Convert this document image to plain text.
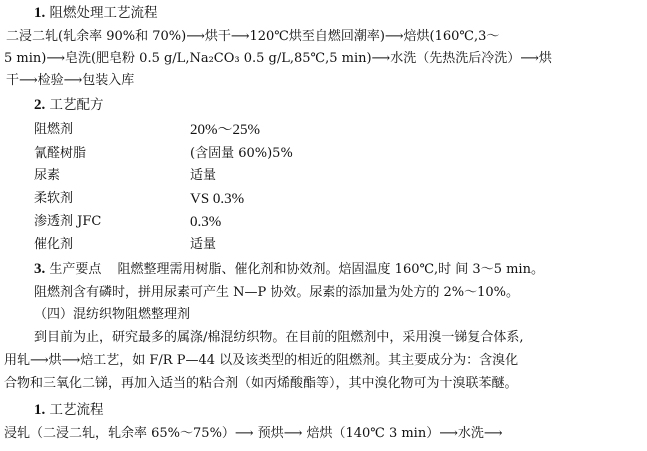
1. 阻燃处理工艺流程
二浸二轧(轧余率 90%和 70%)⟶烘干⟶120℃烘至自燃回潮率)⟶焙烘(160℃,3～
5 min)⟶皂洗(肥皂粉 0.5 g/L,Na₂CO₃ 0.5 g/L,85℃,5 min)⟶水洗（先热洗后冷洗）⟶烘
干⟶检验⟶包装入库
2. 工艺配方
阻燃剂	20%～25%
氰醛树脂	(含固量 60%)5%
尿素	适量
柔软剂	VS 0.3%
渗透剂 JFC	0.3%
催化剂	适量
3. 生产要点 阻燃整理需用树脂、催化剂和协效剂。焙固温度 160℃,时 间 3～5 min。
阻燃剂含有磷时，拼用尿素可产生 N—P 协效。尿素的添加量为处方的 2%～10%。
（四）混纺织物阻燃整理剂
到目前为止，研究最多的属涤/棉混纺织物。在目前的阻燃剂中，采用溴一锑复合体系,
用轧⟶烘⟶焙工艺，如 F/R P—44 以及该类型的相近的阻燃剂。其主要成分为：含溴化
合物和三氧化二锑，再加入适当的粘合剂（如丙烯酸酯等），其中溴化物可为十溴联苯醚。
1. 工艺流程
浸轧（二浸二轧，轧余率 65%～75%）⟶ 预烘⟶ 焙烘（140℃ 3 min）⟶水洗⟶
